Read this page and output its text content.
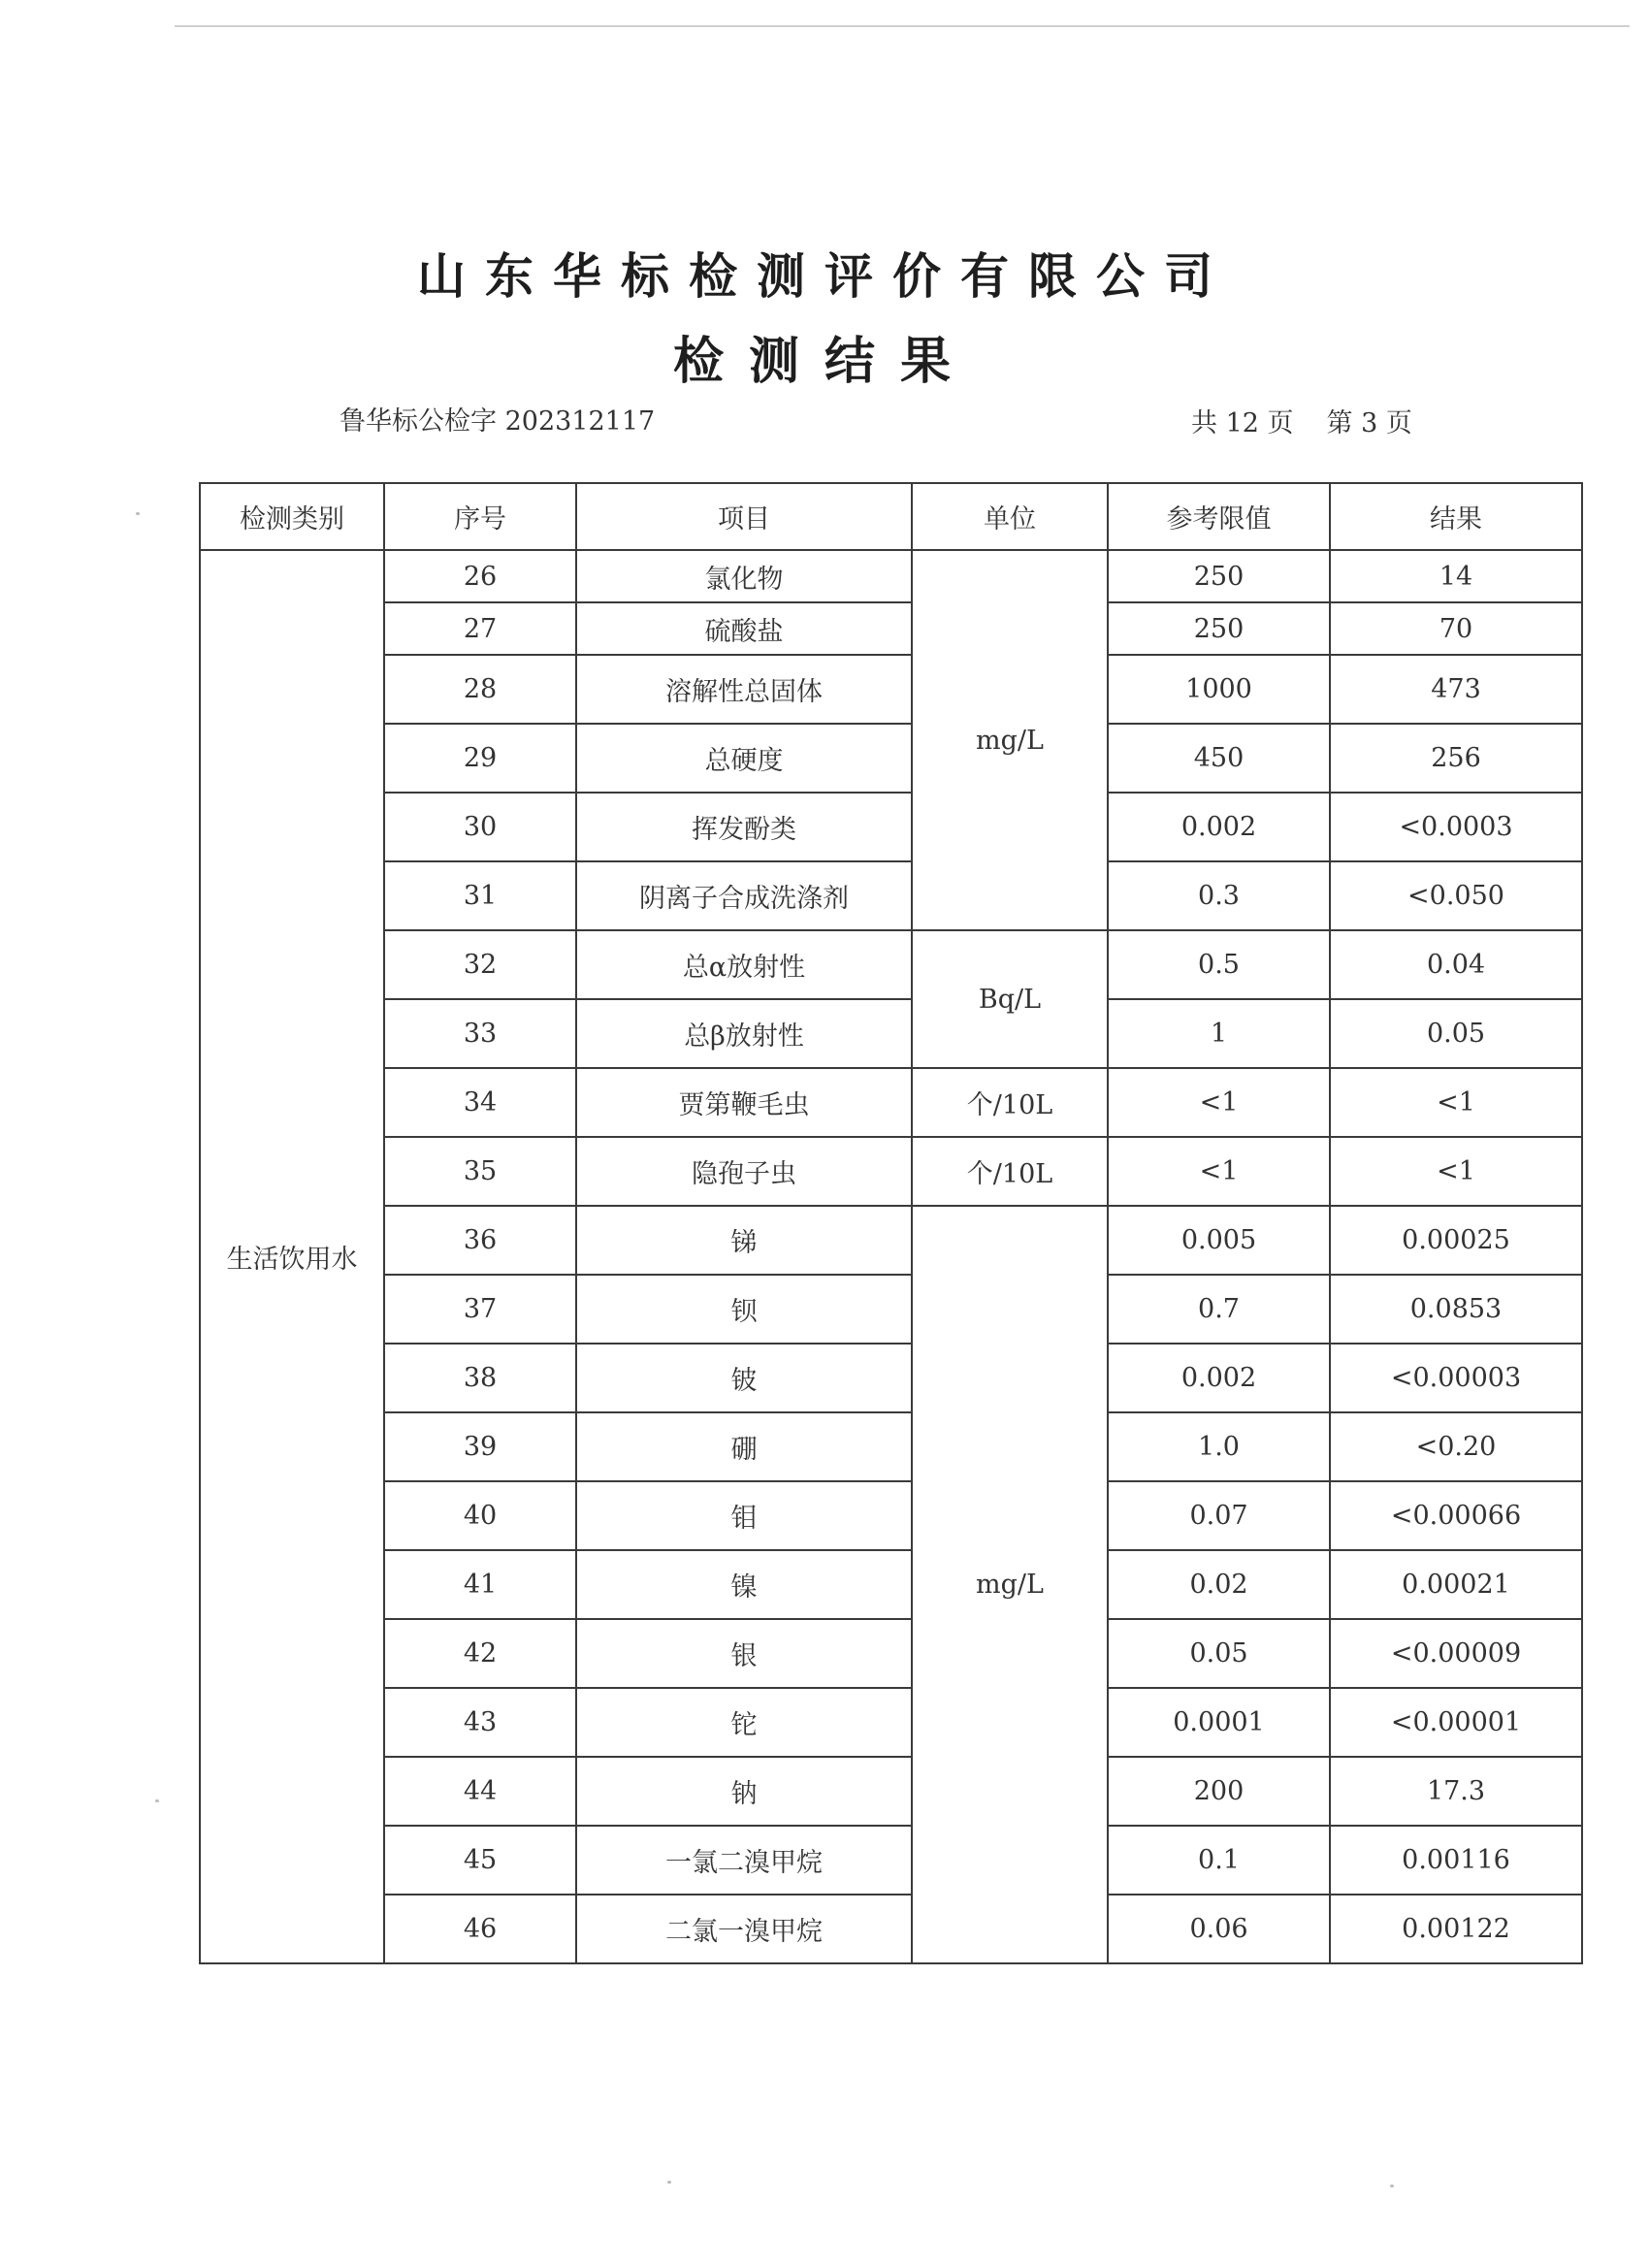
山东华标检测评价有限公司
检测结果
鲁华标公检字 202312117	共 12 页 第 3 页
检测类别	序号	项目	单位	参考限值	结果
生活饮用水	26	氯化物	mg/L	250	14
	27	硫酸盐		250	70
	28	溶解性总固体		1000	473
	29	总硬度		450	256
	30	挥发酚类		0.002	<0.0003
	31	阴离子合成洗涤剂		0.3	<0.050
	32	总α放射性	Bq/L	0.5	0.04
	33	总β放射性		1	0.05
	34	贾第鞭毛虫	个/10L	<1	<1
	35	隐孢子虫	个/10L	<1	<1
	36	锑	mg/L	0.005	0.00025
	37	钡		0.7	0.0853
	38	铍		0.002	<0.00003
	39	硼		1.0	<0.20
	40	钼		0.07	<0.00066
	41	镍		0.02	0.00021
	42	银		0.05	<0.00009
	43	铊		0.0001	<0.00001
	44	钠		200	17.3
	45	一氯二溴甲烷		0.1	0.00116
	46	二氯一溴甲烷		0.06	0.00122
